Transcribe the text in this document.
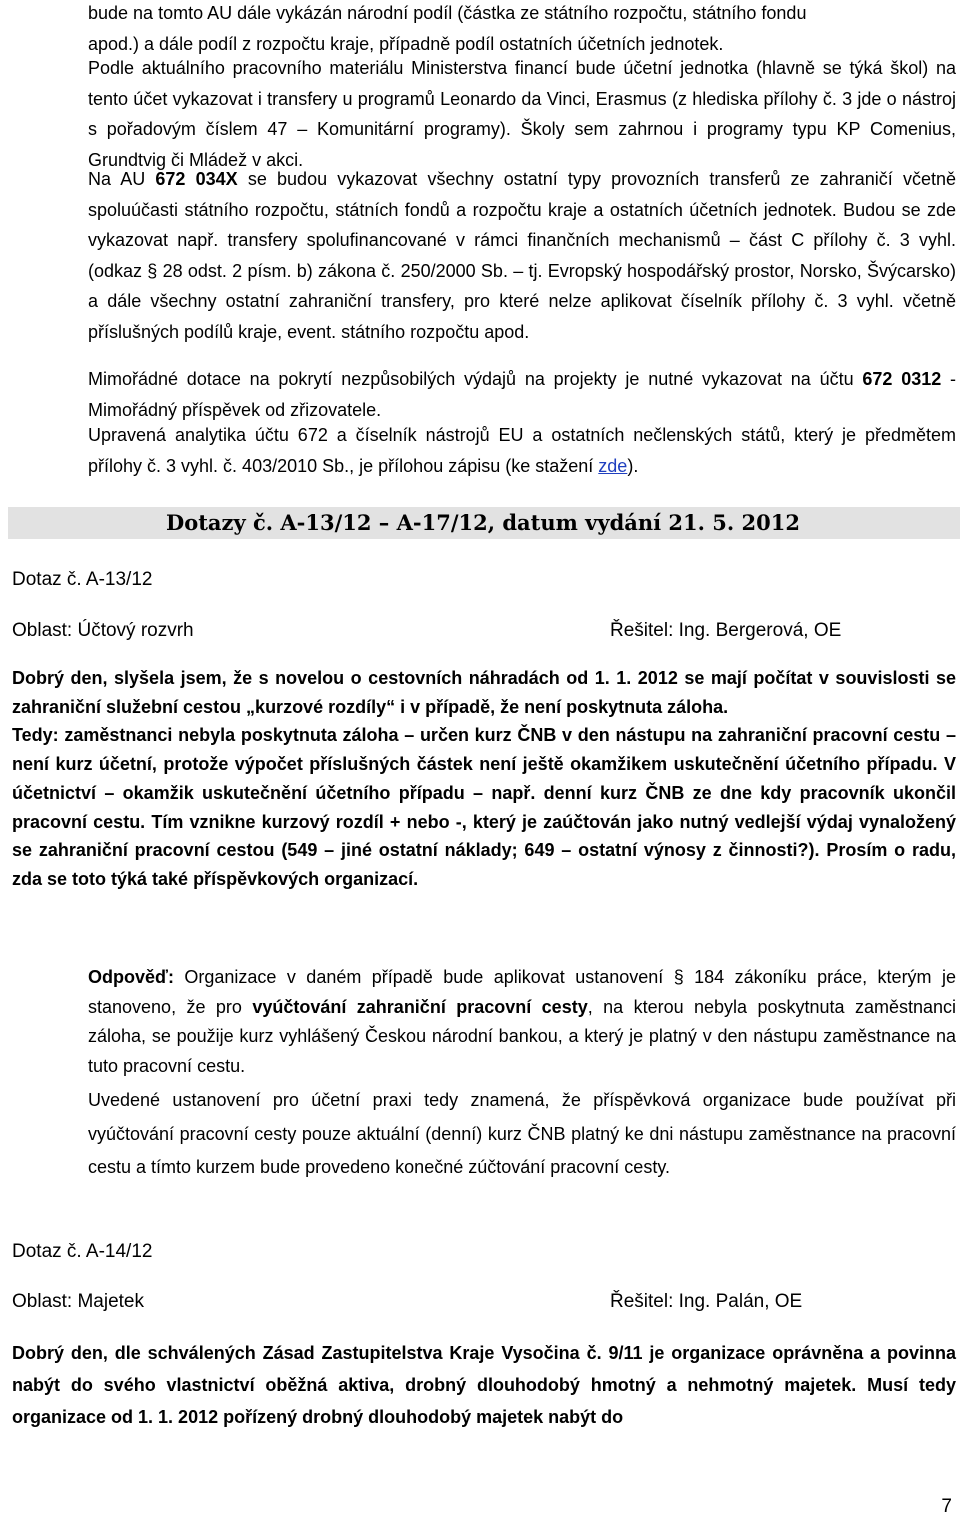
bude na tomto AU dále vykázán národní podíl (částka ze státního rozpočtu, státního fondu
apod.) a dále podíl z rozpočtu kraje, případně podíl ostatních účetních jednotek.

Podle aktuálního pracovního materiálu Ministerstva financí bude účetní jednotka (hlavně se týká škol) na tento účet vykazovat i transfery u programů Leonardo da Vinci, Erasmus (z hlediska přílohy č. 3 jde o nástroj s pořadovým číslem 47 – Komunitární programy). Školy sem zahrnou i programy typu KP Comenius, Grundtvig či Mládež v akci.

Na AU 672 034X se budou vykazovat všechny ostatní typy provozních transferů ze zahraničí včetně spoluúčasti státního rozpočtu, státních fondů a rozpočtu kraje a ostatních účetních jednotek. Budou se zde vykazovat např. transfery spolufinancované v rámci finančních mechanismů – část C přílohy č. 3 vyhl. (odkaz § 28 odst. 2 písm. b) zákona č. 250/2000 Sb. – tj. Evropský hospodářský prostor, Norsko, Švýcarsko) a dále všechny ostatní zahraniční transfery, pro které nelze aplikovat číselník přílohy č. 3 vyhl. včetně příslušných podílů kraje, event. státního rozpočtu apod.

Mimořádné dotace na pokrytí nezpůsobilých výdajů na projekty je nutné vykazovat na účtu 672 0312 - Mimořádný příspěvek od zřizovatele.

Upravená analytika účtu 672 a číselník nástrojů EU a ostatních nečlenských států, který je předmětem přílohy č. 3 vyhl. č. 403/2010 Sb., je přílohou zápisu (ke stažení zde).

Dotazy č. A-13/12 – A-17/12, datum vydání 21. 5. 2012
Dotaz č. A-13/12
Oblast: Účtový rozvrh	Řešitel: Ing. Bergerová, OE

Dobrý den, slyšela jsem, že s novelou o cestovních náhradách od 1. 1. 2012 se mají počítat v souvislosti se zahraniční služební cestou „kurzové rozdíly“ i v případě, že není poskytnuta záloha.
Tedy: zaměstnanci nebyla poskytnuta záloha – určen kurz ČNB v den nástupu na zahraniční pracovní cestu – není kurz účetní, protože výpočet příslušných částek není ještě okamžikem uskutečnění účetního případu. V účetnictví – okamžik uskutečnění účetního případu – např. denní kurz ČNB ze dne kdy pracovník ukončil pracovní cestu. Tím vznikne kurzový rozdíl + nebo -, který je zaúčtován jako nutný vedlejší výdaj vynaložený se zahraniční pracovní cestou (549 – jiné ostatní náklady; 649 – ostatní výnosy z činnosti?). Prosím o radu, zda se toto týká také příspěvkových organizací.

Odpověď: Organizace v daném případě bude aplikovat ustanovení § 184 zákoníku práce, kterým je stanoveno, že pro vyúčtování zahraniční pracovní cesty, na kterou nebyla poskytnuta zaměstnanci záloha, se použije kurz vyhlášený Českou národní bankou, a který je platný v den nástupu zaměstnance na tuto pracovní cestu.

Uvedené ustanovení pro účetní praxi tedy znamená, že příspěvková organizace bude používat při vyúčtování pracovní cesty pouze aktuální (denní) kurz ČNB platný ke dni nástupu zaměstnance na pracovní cestu a tímto kurzem bude provedeno konečné zúčtování pracovní cesty.

Dotaz č. A-14/12
Oblast: Majetek	Řešitel: Ing. Palán, OE

Dobrý den, dle schválených Zásad Zastupitelstva Kraje Vysočina č. 9/11 je organizace oprávněna a povinna nabýt do svého vlastnictví oběžná aktiva, drobný dlouhodobý hmotný a nehmotný majetek. Musí tedy organizace od 1. 1. 2012 pořízený drobný dlouhodobý majetek nabýt do

7
